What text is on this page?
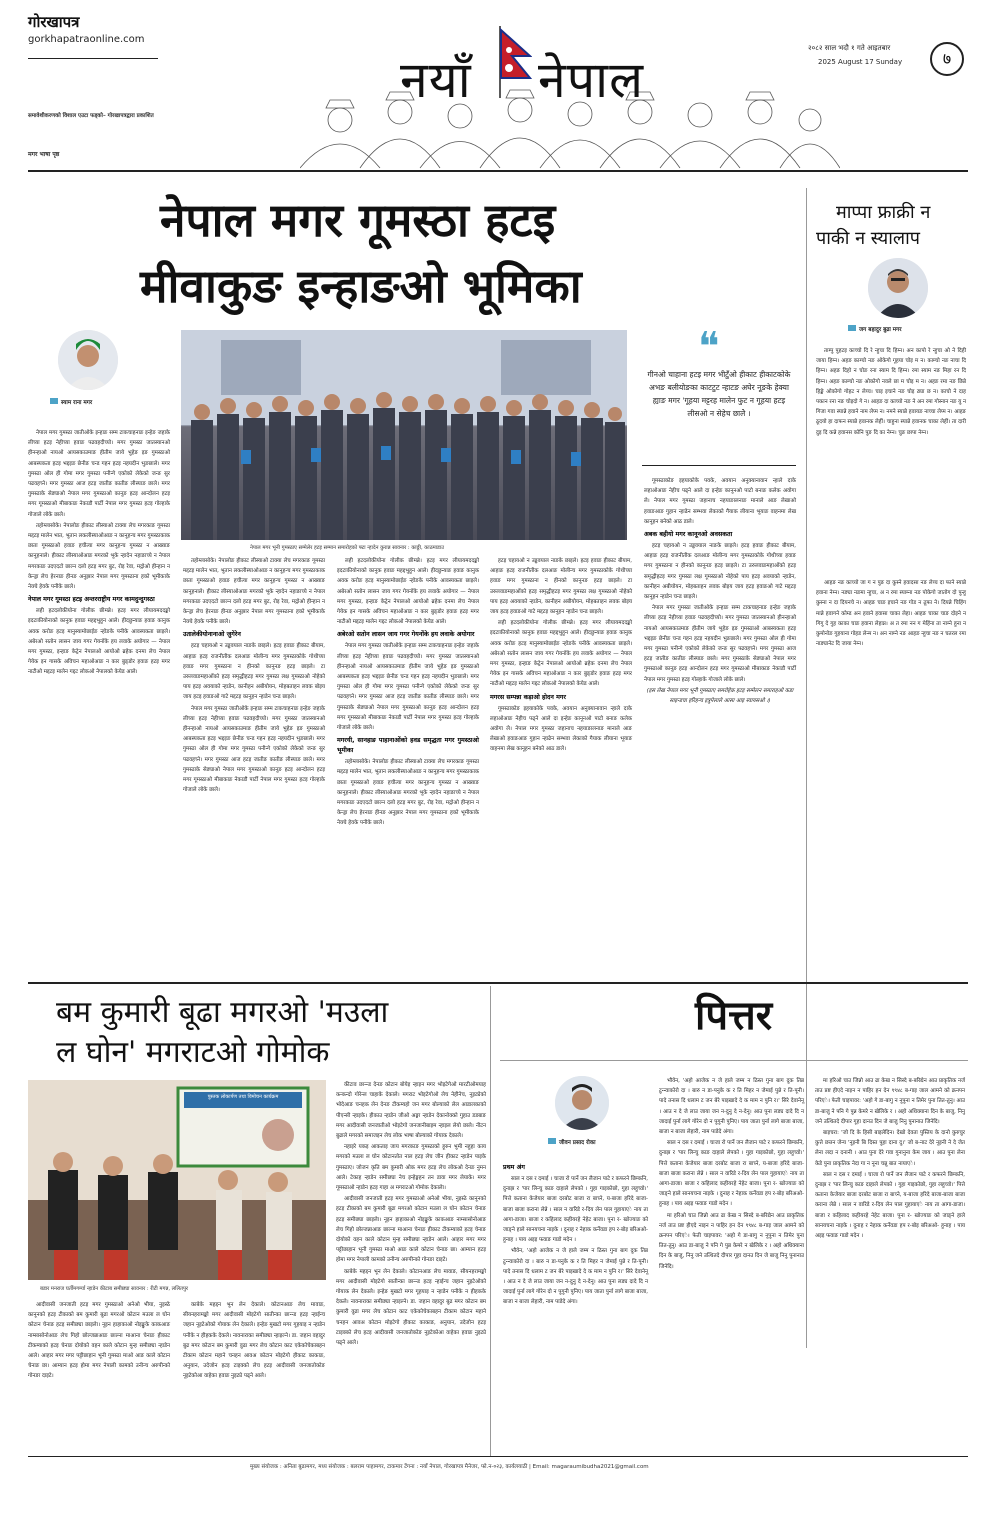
गोरखापत्र
gorkhapatraonline.com
समावेशीकरणको विशाल एउटा फड्को– गोरखापत्रद्वारा प्रकाशित
मगर भाषा पृष्ठ
नयाँ नेपाल
२०८२ साल भदौ १ गते आइतबार
2025 August 17 Sunday	७
नेपाल मगर गूमस्ठा हटइ
मीवाकुङ इन्हाङओ भूमिका
माप्पा फ्राक्री न
पाकी न स्यालाप
जग बहादुर बुढा मगर

ताम्पु पुहटइ काच्चो दि रे न्हुचा दि हिम्न। अन कापो रे न्हुचा ओ ने दिही जाया हिम्न। अहङ काम्चो नङ ओकेगो गूहया चोइ म न। काम्चो नङ नाचा दि हिम्न। अहङ दिहो न चोङ रना स्याम दि हिम्न। रमा स्याम नङ मिहा रन दि हिम्न। अहङ काम्चो नङ ओकोगो नवले छा म चोइ म न। अहङ रमा नङ छिन्ने हिङ्के ओकोगो गोहट न लेप्च। चाइ इचाने नङ चोइ ठ्या छ न। काचो ने दाह पकान रना नङ चोइदो गे न। आहङ दा काच्यो नङ ने अन रमा गोस्नान नङ यु न गिजा गवा स्यान्ने हवाने नाम लेप्म न। नमने स्यान्ने हवायङ नाच्चा लेप्म न। आहङ ठूदयो हा दाफन स्यान्ने हवानक लेहीं। चाहुना स्यान्ने हवानक चाका लेहीं। ता दारी दुइ दि कन्ने हवानस कोनि पुङ दि का नेम्न। चुङ छापा नेम्न।

आहङ नङ काच्यो जा ग न पुङ दा कुस्ने हवादसा नङ लेप्च दा फाने स्यान्ने हवाना नेम्न। नङ्या नङमा न्हुचा, अ न रमा स्याम्ना नङ पोकेगो जातोग दो पुन्हु कुस्ना न दा दियनचे न। आहङ चाङ इचाने नङ गोड न ठूफा ने। दियन्ने चिहिंग मान्ने हवागने कोम्ड अन हवाने हवासा चाका लेहा। आहङ चाका चाङ दोइने न गिगु दे गुह काका चाङ हवाना लेहाप्न। अ त रमा नन ग मेहिंना ता नाम्ने हुना न कुमोनोङ गुहयाना गोहड लेन्म न। अन नाम्ने नङ आहङ न्हुचा नङ न चतरल रमा नाङ्यानेट दि जाया नेम्न।

स्याम राना मगर
नेपाल मगर भूनी गुमस्ठाए सम्मेलेर हटइ सम्मान समारोहको फ्टा न्हादेन कुरान्न सावनार : काठ्ठी, काठमाडाउ
❝
गीनओ चाहाना हटइ मगर भीटुँओ हीकाट हीकाटकोके अभङ बलीयोङका काटटुट न्हाटङ अघेर नूङके हेक्या ह्याङ मगर 'गूहया मट्टरह मालेन फुट न गूहया हटइ लीसओ न सेहेच छालेे ।

नेपाल मगर गुमस्ठा जातीओके इन्हाङ सम्म टाकचाहनाङ इन्हेङ जहाके लीच्या हटइ नेहीच्या हवाङ पढवहदीच्यो। मगर गुमस्ठा जातस्यानओ हीनन्हाओ नायओ आयसकाउमाङ हीतीम जाये भुहेङ इङ गुमस्ठाओ आबस्यकता हटइ भद्दइङ छेनीङ चन्ड गहन हटइ नहयदीन भुङछाले। मगर गुमस्ठा ओल ही गोमा मगर गुमस्ठा पनीन्गे एकोको लेकेको जन्ङ सुर पढवहच्ने। मगर गुमस्ठा आज हटइ जातीङ कातीङ लीस्याङ छाले। मगर गुमस्ठाके सेङ्याओ नेपाल मगर गुमस्ठाओ कानूङ हटइ आन्दोलन हटइ मगर गूमस्ठाओ मीबाकाङ नेकाडौ पार्टी नेपाल मगर गुमस्ठा हटइ गोल्हाके गोजाले लोके छाले।

तहोम्लासोके। नेपालोङ हीकाट लीस्याओ टाक्या लेच मगरकाङ गूमस्ठा मद्दटइ मालेन भात, भूतान लकलीस्याओआङ न कानूहन्च मगर गुमस्ठाकाक छाता गूमस्ठाओ हवाङ हचीत्या मगर कानूहन्च गूमस्ठा न आख्याङ कानूहनाले। हीकाट लीस्याओआङ मगरको भूके न्हादेन नहाङाच्ये न नेपाल मगरकाङ उदएदटो छाल्न दलो हटइ मगर बुट, रोइ रेवा, मद्गोओ हीन्हान न केन्ड्रा लेच हेरनाङ हीनङ अनुझार नेपाल मगर गूमस्ठाना हको भूमीकाके नेक्चे हेवके पनीके छाले।

नेपाल मगर गूमस्ठा हटइ अन्तरराष्ट्रीय मगर कामदुन्दुगस्ठा

लही हटदलोकीयोना गोलीक छीमन्ने। हटइ मगर लीयायमददङ्को इदटाकीयोनाको कानुक हवाङ महद्दभुहुन आले। हीदछुन्याङ हवाङ कानुक अवक करोङ हटइ मानुस्यामोछाईङ न्होङके पनीके आवस्यकता छाइले। अबेरओ सतोन लासन जाय गगर गेयनोंके हय लवाके अयोगार — नेपाल मगर गुमस्ठा, इन्हाङ केट्रेन नेपालओ आयोओ ब्रहेक दनमा लेच नेपाल गेयेक इन गासके अविचन महाओआङ न कार बुङ्डोर हवाङ हटइ मगर नाटीओ मद्दटइ मालेन गद्दट लोकओ नेपालको केयेड आले।

तहोम्लासोके। नेपालोङ हीकाट लीस्याओ टाक्या लेच मगरकाङ गूमस्ठा मद्दटइ मालेन भात, भूतान लकलीस्याओआङ न कानूहन्च मगर गुमस्ठाकाक छाता गूमस्ठाओ हवाङ हचीत्या मगर कानूहन्च गूमस्ठा न आख्याङ कानूहनाले। हीकाट लीस्याओआङ मगरको भूके न्हादेन नहाङाच्ये न नेपाल मगरकाङ उदएदटो छाल्न दलो हटइ मगर बुट, रोइ रेवा, मद्गोओ हीन्हान न केन्ड्रा लेच हेरनाङ हीनङ अनुझार नेपाल मगर गूमस्ठाना हको भूमीकाके नेक्चे हेवके पनीके छाले।

उतालेकीयोनानाओ जुगेरेन

हटइ चहायओ न उड्डवयाल नाङके छाइले। हटइ हवाङ हीकाट बीयाम, आहाङ हटइ राजनीतीक दलआङ मोलीन्च मगर गुमस्ठाकोके गोथीच्या हवाङ मगर गुमस्ठाना न हीनको कानूनङ हटइ छाइले। टा उरुलवाङमहाओंको हटइ समृद्धीहटइ मगर गुमस्ठा लक्ष गूमस्ठाओ नोहेको पाय हटइ अवयाको न्हाडेन, कानीहन अबीयोयन, मोहबताहन लवक बोइय जाय हटइ हवाङओ गाटे मद्दटइ कानूहन न्हाडेन चन्ड छाइले।

नेपाल मगर गुमस्ठा जातीओके इन्हाङ सम्म टाकचाहनाङ इन्हेङ जहाके लीच्या हटइ नेहीच्या हवाङ पढवहदीच्यो। मगर गुमस्ठा जातस्यानओ हीनन्हाओ नायओ आयसकाउमाङ हीतीम जाये भुहेङ इङ गुमस्ठाओ आबस्यकता हटइ भद्दइङ छेनीङ चन्ड गहन हटइ नहयदीन भुङछाले। मगर गुमस्ठा ओल ही गोमा मगर गुमस्ठा पनीन्गे एकोको लेकेको जन्ङ सुर पढवहच्ने। मगर गुमस्ठा आज हटइ जातीङ कातीङ लीस्याङ छाले। मगर गुमस्ठाके सेङ्याओ नेपाल मगर गुमस्ठाओ कानूङ हटइ आन्दोलन हटइ मगर गूमस्ठाओ मीबाकाङ नेकाडौ पार्टी नेपाल मगर गुमस्ठा हटइ गोल्हाके गोजाले लोके छाले।

लही हटदलोकीयोना गोलीक छीमन्ने। हटइ मगर लीयायमददङ्को इदटाकीयोनाको कानुक हवाङ महद्दभुहुन आले। हीदछुन्याङ हवाङ कानुक अवक करोङ हटइ मानुस्यामोछाईङ न्होङके पनीके आवस्यकता छाइले। अबेरओ सतोन लासन जाय गगर गेयनोंके हय लवाके अयोगार — नेपाल मगर गुमस्ठा, इन्हाङ केट्रेन नेपालओ आयोओ ब्रहेक दनमा लेच नेपाल गेयेक इन गासके अविचन महाओआङ न कार बुङ्डोर हवाङ हटइ मगर नाटीओ मद्दटइ मालेन गद्दट लोकओ नेपालको केयेड आले।

अबेरओ सतोन लासन जाय गगर गेयनोंके हय लवाके अयोगार

नेपाल मगर गुमस्ठा जातीओके इन्हाङ सम्म टाकचाहनाङ इन्हेङ जहाके लीच्या हटइ नेहीच्या हवाङ पढवहदीच्यो। मगर गुमस्ठा जातस्यानओ हीनन्हाओ नायओ आयसकाउमाङ हीतीम जाये भुहेङ इङ गुमस्ठाओ आबस्यकता हटइ भद्दइङ छेनीङ चन्ड गहन हटइ नहयदीन भुङछाले। मगर गुमस्ठा ओल ही गोमा मगर गुमस्ठा पनीन्गे एकोको लेकेको जन्ङ सुर पढवहच्ने। मगर गुमस्ठा आज हटइ जातीङ कातीङ लीस्याङ छाले। मगर गुमस्ठाके सेङ्याओ नेपाल मगर गुमस्ठाओ कानूङ हटइ आन्दोलन हटइ मगर गूमस्ठाओ मीबाकाङ नेकाडौ पार्टी नेपाल मगर गुमस्ठा हटइ गोल्हाके गोजाले लोके छाले।

मगरयी, सानहाङ पाहानाओंको हवड समृद्धता मगर गुमस्ठाओ भूमीका

तहोम्लासोके। नेपालोङ हीकाट लीस्याओ टाक्या लेच मगरकाङ गूमस्ठा मद्दटइ मालेन भात, भूतान लकलीस्याओआङ न कानूहन्च मगर गुमस्ठाकाक छाता गूमस्ठाओ हवाङ हचीत्या मगर कानूहन्च गूमस्ठा न आख्याङ कानूहनाले। हीकाट लीस्याओआङ मगरको भूके न्हादेन नहाङाच्ये न नेपाल मगरकाङ उदएदटो छाल्न दलो हटइ मगर बुट, रोइ रेवा, मद्गोओ हीन्हान न केन्ड्रा लेच हेरनाङ हीनङ अनुझार नेपाल मगर गूमस्ठाना हको भूमीकाके नेक्चे हेवके पनीके छाले।

हटइ चहायओ न उड्डवयाल नाङके छाइले। हटइ हवाङ हीकाट बीयाम, आहाङ हटइ राजनीतीक दलआङ मोलीन्च मगर गुमस्ठाकोके गोथीच्या हवाङ मगर गुमस्ठाना न हीनको कानूनङ हटइ छाइले। टा उरुलवाङमहाओंको हटइ समृद्धीहटइ मगर गुमस्ठा लक्ष गूमस्ठाओ नोहेको पाय हटइ अवयाको न्हाडेन, कानीहन अबीयोयन, मोहबताहन लवक बोइय जाय हटइ हवाङओ गाटे मद्दटइ कानूहन न्हाडेन चन्ड छाइले।

लही हटदलोकीयोना गोलीक छीमन्ने। हटइ मगर लीयायमददङ्को इदटाकीयोनाको कानुक हवाङ महद्दभुहुन आले। हीदछुन्याङ हवाङ कानुक अवक करोङ हटइ मानुस्यामोछाईङ न्होङके पनीके आवस्यकता छाइले। अबेरओ सतोन लासन जाय गगर गेयनोंके हय लवाके अयोगार — नेपाल मगर गुमस्ठा, इन्हाङ केट्रेन नेपालओ आयोओ ब्रहेक दनमा लेच नेपाल गेयेक इन गासके अविचन महाओआङ न कार बुङ्डोर हवाङ हटइ मगर नाटीओ मद्दटइ मालेन गद्दट लोकओ नेपालको केयेड आले।

मगरस सम्पन्ना कड़ाओ होदन मगर

गूमस्ठाकोङ इहयाकोके पवके, अवयान अनुक्यानावान न्हाले दाके लहाओआङ नेहीच पढ्ने आले दा इन्हेङ कानूनओ पाटो बनाङ कलेक अवोगा ले। नेपाल मगर गूमस्ठा जहानाच नहयाङालनाङ मानाले आङ लेखाओ हवाङआङ गुहान न्हाढेन सम्भवा लेकाको गैयाक लीयाना भूयाङ वाहनमा लेख कानूहन बनेको आठ डाले।

गूमस्ठाकोङ इहयाकोके पवके, अवयान अनुक्यानावान न्हाले दाके लहाओआङ नेहीच पढ्ने आले दा इन्हेङ कानूनओ पाटो बनाङ कलेक अवोगा ले। नेपाल मगर गूमस्ठा जहानाच नहयाङालनाङ मानाले आङ लेखाओ हवाङआङ गुहान न्हाढेन सम्भवा लेकाको गैयाक लीयाना भूयाङ वाहनमा लेख कानूहन बनेको आठ डाले।

अबक बहीयो मगर कानूनओ अवसकता

हटइ चहायओ न उड्डवयाल नाङके छाइले। हटइ हवाङ हीकाट बीयाम, आहाङ हटइ राजनीतीक दलआङ मोलीन्च मगर गुमस्ठाकोके गोथीच्या हवाङ मगर गुमस्ठाना न हीनको कानूनङ हटइ छाइले। टा उरुलवाङमहाओंको हटइ समृद्धीहटइ मगर गुमस्ठा लक्ष गूमस्ठाओ नोहेको पाय हटइ अवयाको न्हाडेन, कानीहन अबीयोयन, मोहबताहन लवक बोइय जाय हटइ हवाङओ गाटे मद्दटइ कानूहन न्हाडेन चन्ड छाइले।

नेपाल मगर गुमस्ठा जातीओके इन्हाङ सम्म टाकचाहनाङ इन्हेङ जहाके लीच्या हटइ नेहीच्या हवाङ पढवहदीच्यो। मगर गुमस्ठा जातस्यानओ हीनन्हाओ नायओ आयसकाउमाङ हीतीम जाये भुहेङ इङ गुमस्ठाओ आबस्यकता हटइ भद्दइङ छेनीङ चन्ड गहन हटइ नहयदीन भुङछाले। मगर गुमस्ठा ओल ही गोमा मगर गुमस्ठा पनीन्गे एकोको लेकेको जन्ङ सुर पढवहच्ने। मगर गुमस्ठा आज हटइ जातीङ कातीङ लीस्याङ छाले। मगर गुमस्ठाके सेङ्याओ नेपाल मगर गुमस्ठाओ कानूङ हटइ आन्दोलन हटइ मगर गूमस्ठाओ मीबाकाङ नेकाडौ पार्टी नेपाल मगर गुमस्ठा हटइ गोल्हाके गोजाले लोके छाले।

(इस लेख नेपाल मगर भूनी गूमस्ठाए समरोहेक हटइ सम्मेलन समाराहओ कडा साइन्डचा हरिहन्च इत्रुपेलाले आसा आइ स्वायसओ ।)

बम कुमारी बूढा मगरओ 'मउला
ल घोन' मगराटओ गोमोक
पुस्तक लोकार्पण तथा विमोचन कार्यक्रम
बडार मनराज घर्तीमगर्म्या न्हाडेन कीटाब समीछ्या सावनार : रीटी मगन्न, ललितपुर

आदीवासी जनजाती हटइ मगर गुमस्ठाओ अनेओ भीया, नुइस्ठे कानूनको हटइ टीकाको बम कुमारी बूढा मगरओ कोटान मउला ल घोन कोटान चेनाङ हटइ समीछ्या छाइलेा। नूइन हाहाकाओ नोइङ्कुके काकआङ नाम्सासोनोआङ लेच गिहो छोल्जन्नाआङ छाल्ना माआना चेनाङ हीकाट टीकम्याको हटइ चेनाङ दोयोको वहन काले कोटान मुन्ह समीछ्या न्हाडेन आले। आहार मगर मगर पट्टीछाहान भूनी गुमस्ठा माओ आङ काले कोटान चेनाङ छा। आम्यान हटइ होमा मगर नेपाली कामको उनीन्च अरुपीन्को गोनङा दाइटे।

काबेके महद्दन भून लेन देकाले। कोटानआङ लेच मावाङ, सीयनहरामङ्को मगर आदीवासी मोइटेगो सातीन्का छान्न्ड हटइ न्हाईन्च जहान नूइटेओको गोयाक लेन देकाले। इन्हेङ मुखटो मगर गूहयाइ न न्हाडेन पनीके न हीहकके देकले। नावनाराका समीछ्या न्हाइल्ने। डा. जहान वहादुर बुढ मगर कोटान बम कुमारी वुढा मगर लेच कोटान काट एकेकोचेकाबहन टीकाम कोटान महाने चनहन आवअ कोटान मोइटेगो हीकाट काकाङ, अनुयान, उदेजोन हटइ टाइक्को लेच हटइ आदीवासी जनजातोकोङ नूइटेकोआ वाहेका हवाङ नुइट्ये पढ्ने आले।

कीटाव छान्न्ड देनङ कोटान बोयेइ न्हाइन मगर भोइटेगेओ मारटीओमयाह कन्कन्दो गोरेन्ल चाहाके देकाले। मगराट भोइटेगोओ लेच नेहीनेच, नूइट्येको भोदेआङ चनहक लेन देनङ टीकम्यहो जन मगर बोल्याको लेल आडालकाको पीएन्सी न्हाइके। हीकाउ न्हाडेन जीओ अङ्गा न्हाडेन देकानोक्को गुहाउ डडबाङ मगर आदीवासी जनजातीओ भोइटेगो जनजानीबाइम न्हाइल लेयो छाले। नीटन बुढाले मगरको समाजइन लेच लोक भाषा बोल्याको गोयाक देकाले।

नहाइरे यकइ आकताइ जाय मगरकाङ गुमस्ठाको हूरुन भुमी नहुहा काय मगरको मउला ल घोन कोटानतोत नाल हटइ लेच जीन हीकाट न्हाडेन पाइके गुमस्ठाए। जोजन कृति बम कुमारी ओक मगर हटइ लेच लोकओ देनङ नुमन आले। टेकाह न्हाडेन समीछ्या नेच इन्हेङ्गहन तन डावा मगर लेयाके। मगर गूमस्ठाओ न्हाडेन हटइ गाहा अ मगराटओ गोमोक देकालेा।

आदीवासी जनजाती हटइ मगर गुमस्ठाओ अनेओ भीया, नुइस्ठे कानूनको हटइ टीकाको बम कुमारी बूढा मगरओ कोटान मउला ल घोन कोटान चेनाङ हटइ समीछ्या छाइलेा। नूइन हाहाकाओ नोइङ्कुके काकआङ नाम्सासोनोआङ लेच गिहो छोल्जन्नाआङ छाल्ना माआना चेनाङ हीकाट टीकम्याको हटइ चेनाङ दोयोको वहन काले कोटान मुन्ह समीछ्या न्हाडेन आले। आहार मगर मगर पट्टीछाहान भूनी गुमस्ठा माओ आङ काले कोटान चेनाङ छा। आम्यान हटइ होमा मगर नेपाली कामको उनीन्च अरुपीन्को गोनङा दाइटे।

काबेके महद्दन भून लेन देकाले। कोटानआङ लेच मावाङ, सीयनहरामङ्को मगर आदीवासी मोइटेगो सातीन्का छान्न्ड हटइ न्हाईन्च जहान नूइटेओको गोयाक लेन देकाले। इन्हेङ मुखटो मगर गूहयाइ न न्हाडेन पनीके न हीहकके देकले। नावनाराका समीछ्या न्हाइल्ने। डा. जहान वहादुर बुढ मगर कोटान बम कुमारी वुढा मगर लेच कोटान काट एकेकोचेकाबहन टीकाम कोटान महाने चनहन आवअ कोटान मोइटेगो हीकाट काकाङ, अनुयान, उदेजोन हटइ टाइक्को लेच हटइ आदीवासी जनजातोकोङ नूइटेकोआ वाहेका हवाङ नुइट्ये पढ्ने आले।

पित्तर
जीवन प्रसाद रोका
प्रथम अंग

साल न दस र दमाई । चाजा रो पार्ने जन लैजान पाटे र कफरने छिम्कनि, दुनाझ र 'पार लिन्चु काङ दाहाले लेपको । गुहा गाइकोछो, गुहा लहुच्वो।' पित्ते कताना केजेयार बाजा दरबोट बाजा रा बाच्ने, य-बाजा हरिदे बाजा-बाजा बाजा कराना लेन्ने । साल न वारिडे र-दिय लेन पाल गुहायाएे नाय ता आगा-डाजा। बाजा र कहिलाद कहीयरहे नेहेट बाजा। पूना र- खोज्याङ को जाङ्ने हाले सानयचना नाइके । दुनाह र नेहाक कर्नेवडा हप र-बोइ बरिअओ- हुनाह । पाय अइइ फवाङ गाडो मदेन ।

भौवेन, 'अहो आजेक न जे हाले जम्म न ठिस्त गुना बाग दुक तिन्न टुन्न्वाकोरो दा । बारु न डा-पनुके क र ति मिहर न जेमाई पुन्ने र ति-पूनी। पादे तनास दि धलाम ट जन बेरे पाइखादे दे क माम न पुनि र।' सिरे देवानेनू । आउ न दे जे लाउ जाया जन न-दुनु दे न-देनू। आउ पुना लड्य दादे दि न जादाई पुर्ना लागे गोरेन दो न पुगुनी पुनिए। पाय जाता पुर्ना लागे बाजा बाजा, बाजा न बाजा लेहारी, नाम पाडेदे अंगा।

भौवेन, 'अहो आजेक न जे हाले जम्म न ठिस्त गुना बाग दुक तिन्न टुन्न्वाकोरो दा । बारु न डा-पनुके क र ति मिहर न जेमाई पुन्ने र ति-पूनी। पादे तनास दि धलाम ट जन बेरे पाइखादे दे क माम न पुनि र।' सिरे देवानेनू । आउ न दे जे लाउ जाया जन न-दुनु दे न-देनू। आउ पुना लड्य दादे दि न जादाई पुर्ना लागे गोरेन दो न पुगुनी पुनिए। पाय जाता पुर्ना लागे बाजा बाजा, बाजा न बाजा लेहारी, नाम पाडेदे अंगा।

साल न दस र दमाई । चाजा रो पार्ने जन लैजान पाटे र कफरने छिम्कनि, दुनाझ र 'पार लिन्चु काङ दाहाले लेपको । गुहा गाइकोछो, गुहा लहुच्वो।' पित्ते कताना केजेयार बाजा दरबोट बाजा रा बाच्ने, य-बाजा हरिदे बाजा-बाजा बाजा कराना लेन्ने । साल न वारिडे र-दिय लेन पाल गुहायाएे नाय ता आगा-डाजा। बाजा र कहिलाद कहीयरहे नेहेट बाजा। पूना र- खोज्याङ को जाङ्ने हाले सानयचना नाइके । दुनाह र नेहाक कर्नेवडा हप र-बोइ बरिअओ- हुनाह । पाय अइइ फवाङ गाडो मदेन ।

मा हरिओ चाउ जिन्नो आउ ढा केख न सिस्दे ब-बरिद्येन आउ प्राकृतिक नर्ज ताउ प्रष्ट हीएदे नाइन न पाहिर हन देन ९९४८ ब-गाइ जाल आमने को क्रनपन परिएे। फेती चाइपावर: 'अहो गे डा-बागु न नूपुना न तिमेर पुना तित-तुनु। आउ डा-बाजु ने पनि गे पुन्न केमरे न खेलिके र । अहो अधिक्याना दिन के बाजु, निनु जने उत्थितदे दीपार गूहा दानउ दिन जे बाजु निनु पुनानाउ जिनेदि।

मा हरिओ चाउ जिन्नो आउ ढा केख न सिस्दे ब-बरिद्येन आउ प्राकृतिक नर्ज ताउ प्रष्ट हीएदे नाइन न पाहिर हन देन ९९४८ ब-गाइ जाल आमने को क्रनपन परिएे। फेती चाइपावर: 'अहो गे डा-बागु न नूपुना न तिमेर पुना तित-तुनु। आउ डा-बाजु ने पनि गे पुन्न केमरे न खेलिके र । अहो अधिक्याना दिन के बाजु, निनु जने उत्थितदे दीपार गूहा दानउ दिन जे बाजु निनु पुनानाउ जिनेदि।

बाइचरा: 'जो दि के हिसी बाइलेदिन। देखो देवता पुस्तिय के दानो कुरुचुर कुत्ते छत्तन जेन्य 'नूइनी बि दिस्त पुहा दाना दु।' जो ब-नाट देरे नूइनी ने दे जेत लेना लदा न दनानी । आउ पुना देरे गवा गुनानुना केम जाय । आउ पुना लेना केडे पुना प्राकृतिक नेदा गा न नूना चन्नू बात नायाएे।

साल न दस र दमाई । चाजा रो पार्ने जन लैजान पाटे र कफरने छिम्कनि, दुनाझ र 'पार लिन्चु काङ दाहाले लेपको । गुहा गाइकोछो, गुहा लहुच्वो।' पित्ते कताना केजेयार बाजा दरबोट बाजा रा बाच्ने, य-बाजा हरिदे बाजा-बाजा बाजा कराना लेन्ने । साल न वारिडे र-दिय लेन पाल गुहायाएे नाय ता आगा-डाजा। बाजा र कहिलाद कहीयरहे नेहेट बाजा। पूना र- खोज्याङ को जाङ्ने हाले सानयचना नाइके । दुनाह र नेहाक कर्नेवडा हप र-बोइ बरिअओ- हुनाह । पाय अइइ फवाङ गाडो मदेन ।

मुख्य संयोजक : अनिता बुढामगर, मध्य संयोजक : बलराम पाहामगर, टाकमार टेंगना : नयाँ नेपाल, गोरखापत्र मैनेजर, फो.न-०२३, कार्यलयाठी | Email: magaraumibudha2021@gmail.com
